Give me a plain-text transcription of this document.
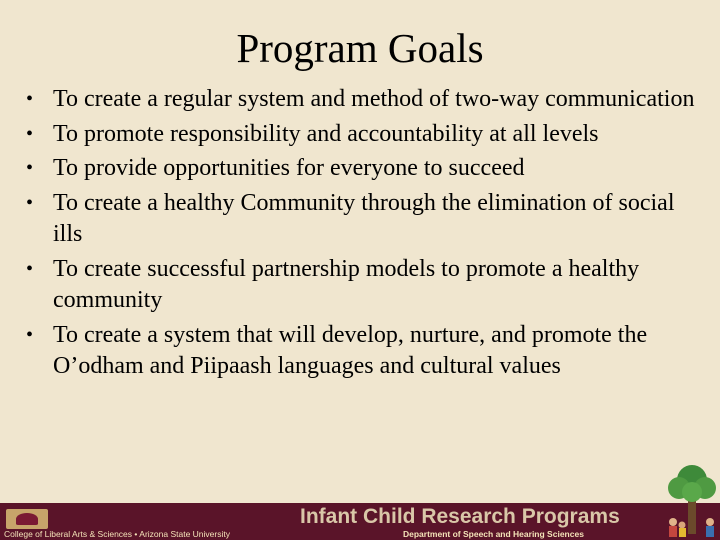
Program Goals
• To create a regular system and method of two-way communication
• To promote responsibility and accountability at all levels
• To provide opportunities for everyone to succeed
• To create a healthy Community through the elimination of social ills
• To create successful partnership models to promote a healthy community
• To create a system that will develop, nurture, and promote the O’odham and Piipaash languages and cultural values
College of Liberal Arts & Sciences • Arizona State University
Infant Child Research Programs
Department of Speech and Hearing Sciences
